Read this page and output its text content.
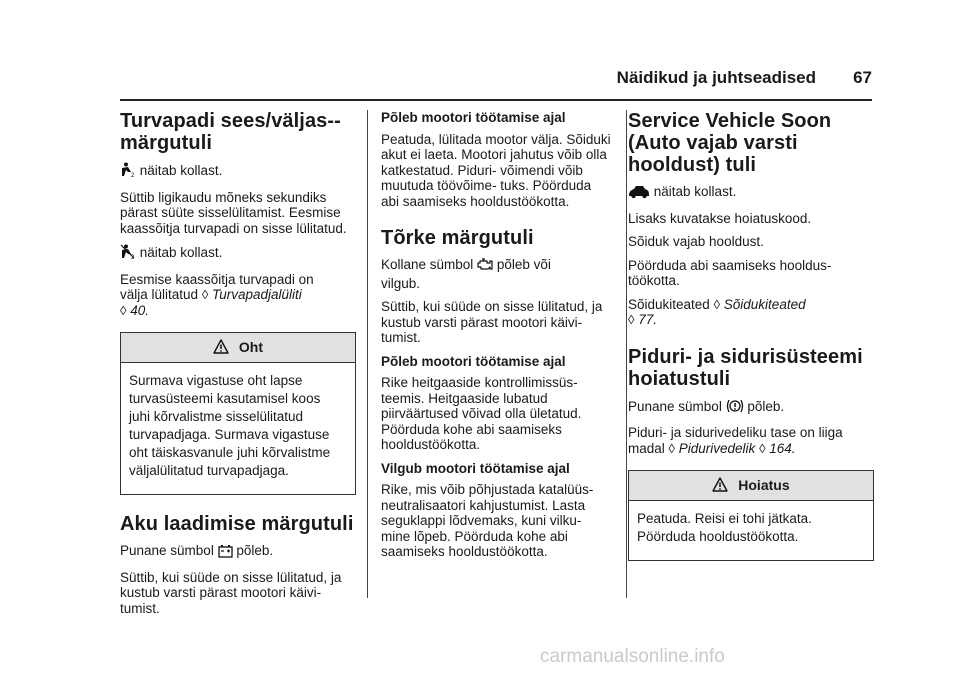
Näidikud ja juhtseadised 67
Turvapadi sees/väljas--
märgutuli

2 näitab kollast.

Süttib ligikaudu mõneks sekundiks pärast süüte sisselülitamist. Eesmise kaassõitja turvapadi on sisse lülitatud.

2 näitab kollast.

Eesmise kaassõitja turvapadi on
välja lülitatud ◊ Turvapadjalüliti
◊ 40.

Oht

Surmava vigastuse oht lapse
turvasüsteemi kasutamisel koos
juhi kõrvalistme sisselülitatud
turvapadjaga. Surmava vigastuse
oht täiskasvanule juhi kõrvalistme
väljalülitatud turvapadjaga.

Aku laadimise märgutuli

Punane sümbol põleb.

Süttib, kui süüde on sisse lülitatud, ja kustub varsti pärast mootori käivi- tumist.

Põleb mootori töötamise ajal

Peatuda, lülitada mootor välja. Sõiduki akut ei laeta. Mootori jahutus võib olla katkestatud. Piduri- võimendi võib muutuda töövõime- tuks. Pöörduda abi saamiseks hooldustöökotta.

Tõrke märgutuli

Kollane sümbol põleb või
vilgub.

Süttib, kui süüde on sisse lülitatud, ja kustub varsti pärast mootori käivi- tumist.

Põleb mootori töötamise ajal

Rike heitgaaside kontrollimissüs- teemis. Heitgaaside lubatud piirväärtused võivad olla ületatud. Pöörduda kohe abi saamiseks hooldustöökotta.

Vilgub mootori töötamise ajal

Rike, mis võib põhjustada katalüüs- neutralisaatori kahjustumist. Lasta seguklappi lõdvemaks, kuni vilku- mine lõpeb. Pöörduda kohe abi saamiseks hooldustöökotta.

Service Vehicle Soon
(Auto vajab varsti
hooldust) tuli

näitab kollast.

Lisaks kuvatakse hoiatuskood.

Sõiduk vajab hooldust.

Pöörduda abi saamiseks hooldus- töökotta.

Sõidukiteated ◊ Sõidukiteated
◊ 77.

Piduri- ja sidurisüsteemi
hoiatustuli

Punane sümbol põleb.

Piduri- ja sidurivedeliku tase on liiga
madal ◊ Pidurivedelik ◊ 164.

Hoiatus

Peatuda. Reisi ei tohi jätkata.
Pöörduda hooldustöökotta.

carmanualsonline.info
